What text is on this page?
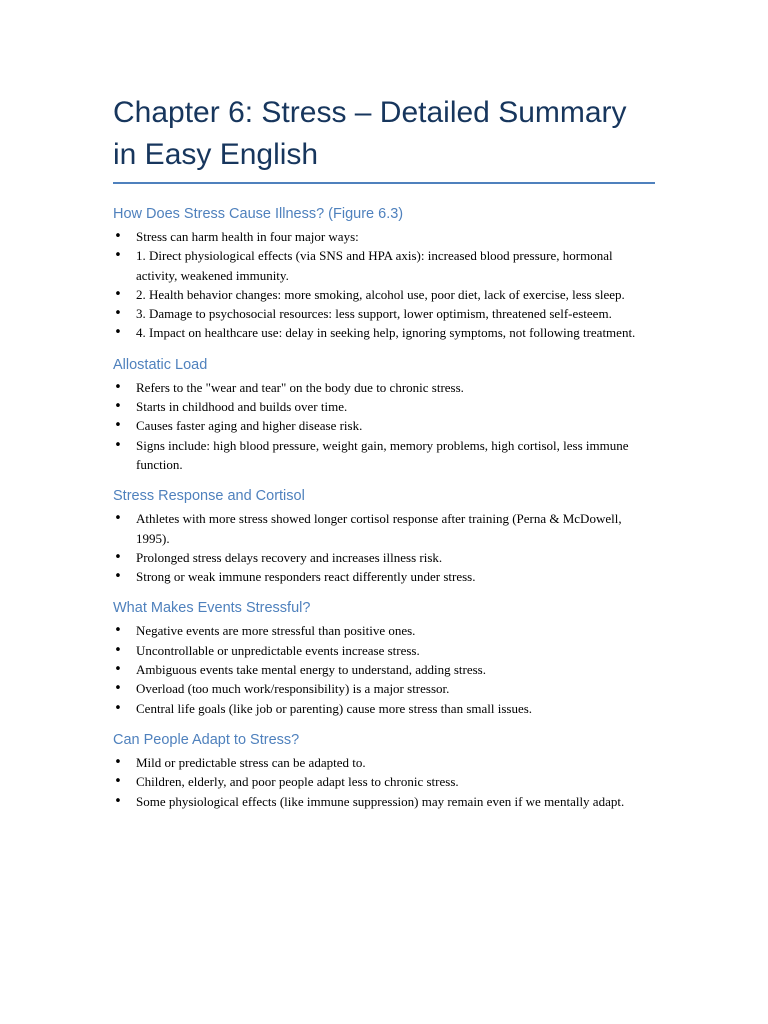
Chapter 6: Stress – Detailed Summary in Easy English
How Does Stress Cause Illness? (Figure 6.3)
• Stress can harm health in four major ways:
• 1. Direct physiological effects (via SNS and HPA axis): increased blood pressure, hormonal activity, weakened immunity.
• 2. Health behavior changes: more smoking, alcohol use, poor diet, lack of exercise, less sleep.
• 3. Damage to psychosocial resources: less support, lower optimism, threatened self-esteem.
• 4. Impact on healthcare use: delay in seeking help, ignoring symptoms, not following treatment.
Allostatic Load
• Refers to the "wear and tear" on the body due to chronic stress.
• Starts in childhood and builds over time.
• Causes faster aging and higher disease risk.
• Signs include: high blood pressure, weight gain, memory problems, high cortisol, less immune function.
Stress Response and Cortisol
• Athletes with more stress showed longer cortisol response after training (Perna & McDowell, 1995).
• Prolonged stress delays recovery and increases illness risk.
• Strong or weak immune responders react differently under stress.
What Makes Events Stressful?
• Negative events are more stressful than positive ones.
• Uncontrollable or unpredictable events increase stress.
• Ambiguous events take mental energy to understand, adding stress.
• Overload (too much work/responsibility) is a major stressor.
• Central life goals (like job or parenting) cause more stress than small issues.
Can People Adapt to Stress?
• Mild or predictable stress can be adapted to.
• Children, elderly, and poor people adapt less to chronic stress.
• Some physiological effects (like immune suppression) may remain even if we mentally adapt.
